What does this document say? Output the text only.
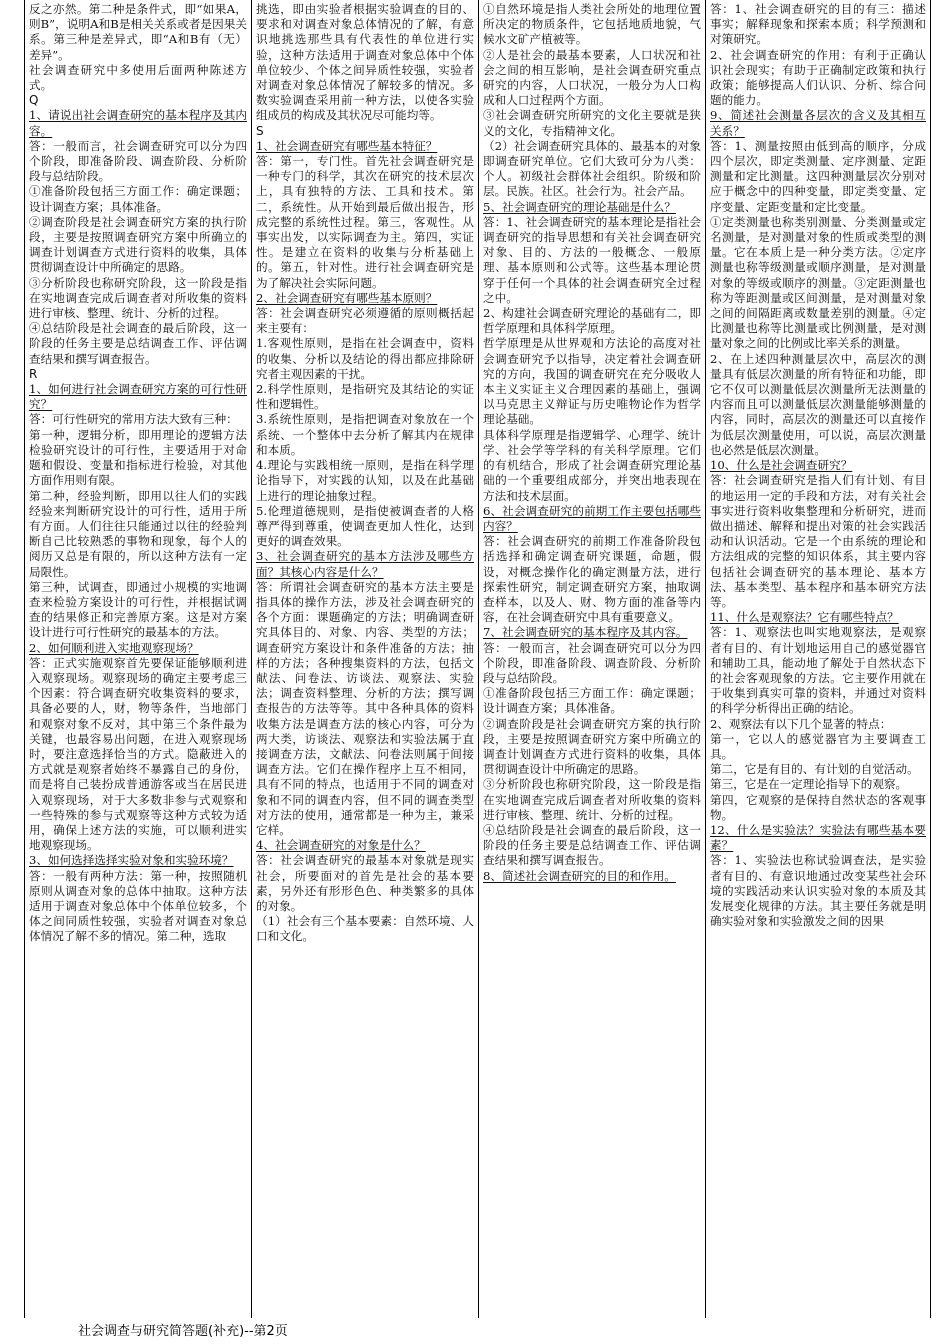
反之亦然。第二种是条件式，即“如果A，则B”，说明A和B是相关关系或者是因果关系。第三种是差异式，即“A和B有（无）差异”。

社会调查研究中多使用后面两种陈述方式。

Q

1、请说出社会调查研究的基本程序及其内容。

答：一般而言，社会调查研究可以分为四个阶段，即准备阶段、调查阶段、分析阶段与总结阶段。

①准备阶段包括三方面工作：确定课题；设计调查方案；具体准备。

②调查阶段是社会调查研究方案的执行阶段，主要是按照调查研究方案中所确立的调查计划调查方式进行资料的收集，具体贯彻调查设计中所确定的思路。

③分析阶段也称研究阶段，这一阶段是指在实地调查完成后调查者对所收集的资料进行审核、整理、统计、分析的过程。

④总结阶段是社会调查的最后阶段，这一阶段的任务主要是总结调查工作、评估调查结果和撰写调查报告。

R

1、如何进行社会调查研究方案的可行性研究？

答：可行性研究的常用方法大致有三种：

第一种，逻辑分析，即用理论的逻辑方法检验研究设计的可行性，主要适用于对命题和假设、变量和指标进行检验，对其他方面作用则有限。

第二种，经验判断，即用以往人们的实践经验来判断研究设计的可行性，适用于所有方面。人们往往只能通过以往的经验判断自己比较熟悉的事物和现象，每个人的阅历又总是有限的，所以这种方法有一定局限性。

第三种，试调查，即通过小规模的实地调查来检验方案设计的可行性，并根据试调查的结果修正和完善原方案。这是对方案设计进行可行性研究的最基本的方法。

2、如何顺利进入实地观察现场？

答：正式实施观察首先要保证能够顺利进入观察现场。观察现场的确定主要考虑三个因素：符合调查研究收集资料的要求，具备必要的人，财，物等条件，当地部门和观察对象不反对，其中第三个条件最为关键，也最容易出问题，在进入观察现场时，要注意选择恰当的方式。隐蔽进入的方式就是观察者始终不暴露自己的身份，而是将自己装扮成普通游客或当在居民进入观察现场，对于大多数非参与式观察和一些特殊的参与式观察等这种方式较为适用，确保上述方法的实施，可以顺利进实地观察现场。

3、如何选择选择实验对象和实验环境？

答：一般有两种方法：第一种，按照随机原则从调查对象的总体中抽取。这种方法适用于调查对象总体中个体单位较多，个体之间同质性较强，实验者对调查对象总体情况了解不多的情况。第二种，选取

挑选，即由实验者根据实验调查的目的、要求和对调查对象总体情况的了解，有意识地挑选那些具有代表性的单位进行实验，这种方法适用于调查对象总体中个体单位较少、个体之间异质性较强，实验者对调查对象总体情况了解较多的情况。多数实验调查采用前一种方法，以使各实验组成员的构成及其状况尽可能均等。

S

1、社会调查研究有哪些基本特征？

答：第一，专门性。首先社会调查研究是一种专门的科学，其次在研究的技术层次上，具有独特的方法、工具和技术。第二，系统性。从开始到最后做出报告，形成完整的系统性过程。第三，客观性。从事实出发，以实际调查为主。第四，实证性。是建立在资料的收集与分析基础上的。第五，针对性。进行社会调查研究是为了解决社会实际问题。

2、社会调查研究有哪些基本原则？

答：社会调查研究必须遵循的原则概括起来主要有：

1.客观性原则，是指在社会调查中，资料的收集、分析以及结论的得出都应排除研究者主观因素的干扰。

2.科学性原则，是指研究及其结论的实证性和逻辑性。

3.系统性原则，是指把调查对象放在一个系统、一个整体中去分析了解其内在规律和本质。

4.理论与实践相统一原则，是指在科学理论指导下，对实践的认知，以及在此基础上进行的理论抽象过程。

5.伦理道德规则，是指使被调查者的人格尊严得到尊重，使调查更加人性化，达到更好的调查效果。

3、社会调查研究的基本方法涉及哪些方面？其核心内容是什么？

答：所谓社会调查研究的基本方法主要是指具体的操作方法，涉及社会调查研究的各个方面：课题确定的方法；明确调查研究具体目的、对象、内容、类型的方法；调查研究方案设计和条件准备的方法；抽样的方法；各种搜集资料的方法，包括文献法、问卷法、访谈法、观察法、实验法；调查资料整理、分析的方法；撰写调查报告的方法等等。其中各种具体的资料收集方法是调查方法的核心内容，可分为两大类，访谈法、观察法和实验法属于直接调查方法，文献法、问卷法则属于间接调查方法。它们在操作程序上互不相同，具有不同的特点，也适用于不同的调查对象和不同的调查内容，但不同的调查类型对方法的使用，通常都是一种为主，兼采它样。

4、社会调查研究的对象是什么？

答：社会调查研究的最基本对象就是现实社会，所要面对的首先是社会的基本要素，另外还有形形色色、种类繁多的具体的对象。

（1）社会有三个基本要素：自然环境、人口和文化。

①自然环境是指人类社会所处的地理位置所决定的物质条件，它包括地质地貌，气候水文矿产植被等。

②人是社会的最基本要素，人口状况和社会之间的相互影响，是社会调查研究重点研究的内容，人口状况，一般分为人口构成和人口过程两个方面。

③社会调查研究所研究的文化主要就是狭义的文化，专指精神文化。

（2）社会调查研究具体的、最基本的对象即调查研究单位。它们大致可分为八类：个人。初级社会群体社会组织。阶级和阶层。民族。社区。社会行为。社会产品。

5、社会调查研究的理论基础是什么？

答：1、社会调查研究的基本理论是指社会调查研究的指导思想和有关社会调查研究对象、目的、方法的一般概念、一般原理、基本原则和公式等。这些基本理论贯穿于任何一个具体的社会调查研究全过程之中。

2、构建社会调查研究理论的基础有二，即哲学原理和具体科学原理。

哲学原理是从世界观和方法论的高度对社会调查研究予以指导，决定着社会调查研究的方向，我国的调查研究在充分吸收人本主义实证主义合理因素的基础上，强调以马克思主义辩证与历史唯物论作为哲学理论基础。

具体科学原理是指逻辑学、心理学、统计学、社会学等学科的有关科学原理。它们的有机结合，形成了社会调查研究理论基础的一个重要组成部分，并突出地表现在方法和技术层面。

6、社会调查研究的前期工作主要包括哪些内容？

答：社会调查研究的前期工作准备阶段包括选择和确定调查研究课题，命题，假设，对概念操作化的确定测量方法，进行探索性研究，制定调查研究方案，抽取调查样本，以及人、财、物方面的准备等内容，在社会调查研究中具有重要意义。

7、社会调查研究的基本程序及其内容。

答：一般而言，社会调查研究可以分为四个阶段，即准备阶段、调查阶段、分析阶段与总结阶段。

①准备阶段包括三方面工作：确定课题；设计调查方案；具体准备。

②调查阶段是社会调查研究方案的执行阶段，主要是按照调查研究方案中所确立的调查计划调查方式进行资料的收集，具体贯彻调查设计中所确定的思路。

③分析阶段也称研究阶段，这一阶段是指在实地调查完成后调查者对所收集的资料进行审核、整理、统计、分析的过程。

④总结阶段是社会调查的最后阶段，这一阶段的任务主要是总结调查工作、评估调查结果和撰写调查报告。

8、简述社会调查研究的目的和作用。

答：1、社会调查研究的目的有三：描述事实；解释现象和探索本质；科学预测和对策研究。

2、社会调查研究的作用：有利于正确认识社会现实；有助于正确制定政策和执行政策；能够提高人们认识、分析、综合问题的能力。

9、简述社会测量各层次的含义及其相互关系？

答：1、测量按照由低到高的顺序，分成四个层次，即定类测量、定序测量、定距测量和定比测量。这四种测量层次分别对应于概念中的四种变量，即定类变量、定序变量、定距变量和定比变量。

①定类测量也称类别测量、分类测量或定名测量，是对测量对象的性质或类型的测量。它在本质上是一种分类方法。②定序测量也称等级测量或顺序测量，是对测量对象的等级或顺序的测量。③定距测量也称为等距测量或区间测量，是对测量对象之间的间隔距离或数量差别的测量。④定比测量也称等比测量或比例测量，是对测量对象之间的比例或比率关系的测量。

2、在上述四种测量层次中，高层次的测量具有低层次测量的所有特征和功能，即它不仅可以测量低层次测量所无法测量的内容而且可以测量低层次测量能够测量的内容，同时，高层次的测量还可以直接作为低层次测量使用，可以说，高层次测量也必然是低层次测量。

10、什么是社会调查研究？

答：社会调查研究是指人们有计划、有目的地运用一定的手段和方法，对有关社会事实进行资料收集整理和分析研究，进而做出描述、解释和提出对策的社会实践活动和认识活动。它是一个由系统的理论和方法组成的完整的知识体系，其主要内容包括社会调查研究的基本理论、基本方法、基本类型、基本程序和基本研究方法等。

11、什么是观察法？它有哪些特点？

答：1、观察法也叫实地观察法，是观察者有目的、有计划地运用自己的感觉器官和辅助工具，能动地了解处于自然状态下的社会客观现象的方法。它主要作用就在于收集到真实可靠的资料，并通过对资料的科学分析得出正确的结论。

2、观察法有以下几个显著的特点：

第一，它以人的感觉器官为主要调查工具。

第二，它是有目的、有计划的自觉活动。

第三，它是在一定理论指导下的观察。

第四，它观察的是保持自然状态的客观事物。

12、什么是实验法？实验法有哪些基本要素？

答：1、实验法也称试验调查法，是实验者有目的、有意识地通过改变某些社会环境的实践活动来认识实验对象的本质及其发展变化规律的方法。其主要任务就是明确实验对象和实验激发之间的因果

社会调查与研究简答题(补充)--第2页
